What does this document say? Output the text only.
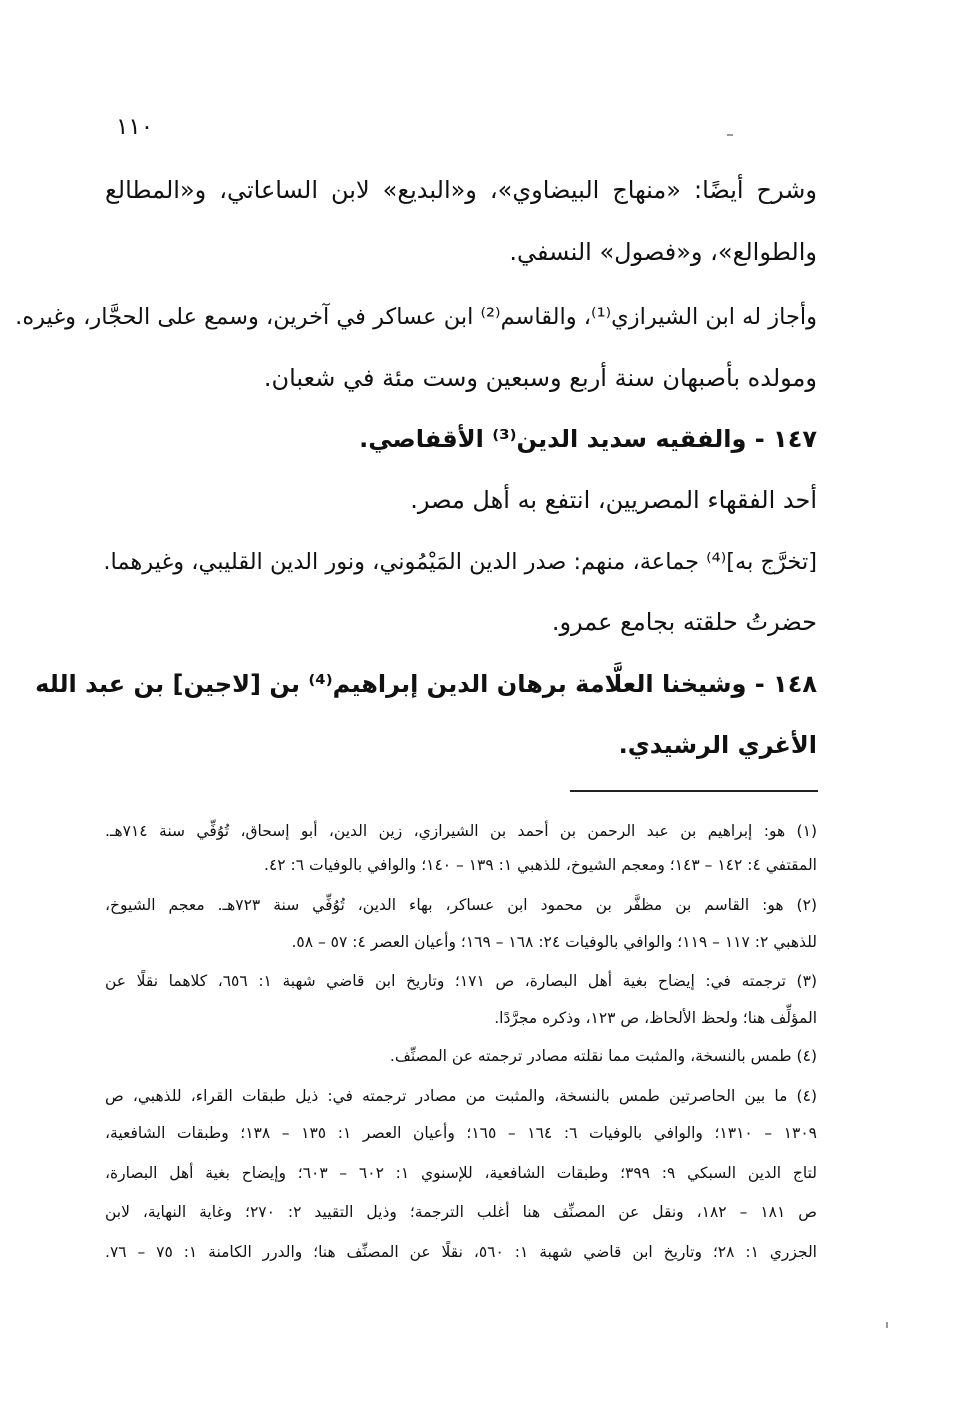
١١٠
وشرح أيضًا: «منهاج البيضاوي»، و«البديع» لابن الساعاتي، و«المطالع
والطوالع»، و«فصول» النسفي.
وأجاز له ابن الشيرازي⁽¹⁾، والقاسم⁽²⁾ ابن عساكر في آخرين، وسمع على الحجَّار، وغيره.
ومولده بأصبهان سنة أربع وسبعين وست مئة في شعبان.
١٤٧ - والفقيه سديد الدين⁽³⁾ الأقفاصي.
أحد الفقهاء المصريين، انتفع به أهل مصر.
[تخرَّج به]⁽⁴⁾ جماعة، منهم: صدر الدين المَيْمُوني، ونور الدين القليبي، وغيرهما.
حضرتُ حلقته بجامع عمرو.
١٤٨ - وشيخنا العلَّامة برهان الدين إبراهيم⁽⁴⁾ بن [لاجين] بن عبد الله
الأغري الرشيدي.
(١) هو: إبراهيم بن عبد الرحمن بن أحمد بن الشيرازي، زين الدين، أبو إسحاق، تُوُفِّي سنة ٧١٤هـ.
المقتفي ٤: ١٤٢ – ١٤٣؛ ومعجم الشيوخ، للذهبي ١: ١٣٩ – ١٤٠؛ والوافي بالوفيات ٦: ٤٢.
(٢) هو: القاسم بن مظفَّر بن محمود ابن عساكر، بهاء الدين، تُوُفِّي سنة ٧٢٣هـ. معجم الشيوخ،
للذهبي ٢: ١١٧ – ١١٩؛ والوافي بالوفيات ٢٤: ١٦٨ – ١٦٩؛ وأعيان العصر ٤: ٥٧ – ٥٨.
(٣) ترجمته في: إيضاح بغية أهل البصارة، ص ١٧١؛ وتاريخ ابن قاضي شهبة ١: ٦٥٦، كلاهما نقلًا عن
المؤلِّف هنا؛ ولحظ الألحاظ، ص ١٢٣، وذكره مجرَّدًا.
(٤) طمس بالنسخة، والمثبت مما نقلته مصادر ترجمته عن المصنِّف.
(٤) ما بين الحاصرتين طمس بالنسخة، والمثبت من مصادر ترجمته في: ذيل طبقات القراء، للذهبي، ص
١٣٠٩ – ١٣١٠؛ والوافي بالوفيات ٦: ١٦٤ – ١٦٥؛ وأعيان العصر ١: ١٣٥ – ١٣٨؛ وطبقات الشافعية،
لتاج الدين السبكي ٩: ٣٩٩؛ وطبقات الشافعية، للإسنوي ١: ٦٠٢ – ٦٠٣؛ وإيضاح بغية أهل البصارة،
ص ١٨١ – ١٨٢، ونقل عن المصنِّف هنا أغلب الترجمة؛ وذيل التقييد ٢: ٢٧٠؛ وغاية النهاية، لابن
الجزري ١: ٢٨؛ وتاريخ ابن قاضي شهبة ١: ٥٦٠، نقلًا عن المصنِّف هنا؛ والدرر الكامنة ١: ٧٥ – ٧٦.
